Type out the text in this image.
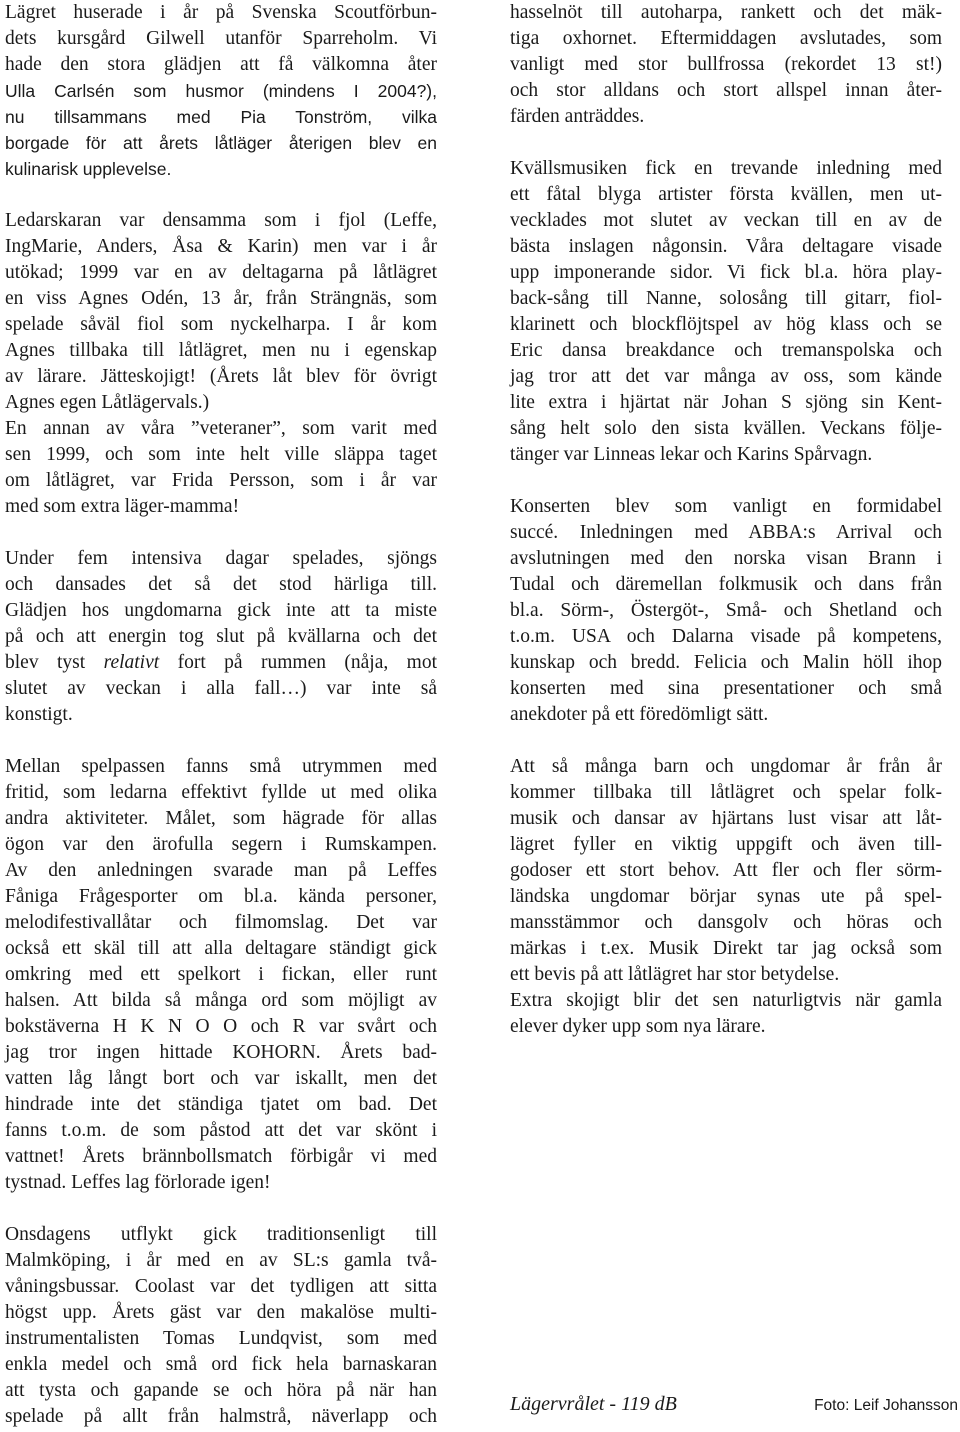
Lägret huserade i år på Svenska Scoutförbun-
dets kursgård Gilwell utanför Sparreholm. Vi
hade den stora glädjen att få välkomna åter
Ulla Carlsén som husmor (mindens I 2004?),
nu tillsammans med Pia Tonström, vilka
borgade för att årets låtläger återigen blev en
kulinarisk upplevelse.
Ledarskaran var densamma som i fjol (Leffe,
IngMarie, Anders, Åsa & Karin) men var i år
utökad; 1999 var en av deltagarna på låtlägret
en viss Agnes Odén, 13 år, från Strängnäs, som
spelade såväl fiol som nyckelharpa. I år kom
Agnes tillbaka till låtlägret, men nu i egenskap
av lärare. Jätteskojigt! (Årets låt blev för övrigt
Agnes egen Låtlägervals.)
En annan av våra ”veteraner”, som varit med
sen 1999, och som inte helt ville släppa taget
om låtlägret, var Frida Persson, som i år var
med som extra läger-mamma!
Under fem intensiva dagar spelades, sjöngs
och dansades det så det stod härliga till.
Glädjen hos ungdomarna gick inte att ta miste
på och att energin tog slut på kvällarna och det
blev tyst relativt fort på rummen (nåja, mot
slutet av veckan i alla fall…) var inte så
konstigt.
Mellan spelpassen fanns små utrymmen med
fritid, som ledarna effektivt fyllde ut med olika
andra aktiviteter. Målet, som hägrade för allas
ögon var den ärofulla segern i Rumskampen.
Av den anledningen svarade man på Leffes
Fåniga Frågesporter om bl.a. kända personer,
melodifestivallåtar och filmomslag. Det var
också ett skäl till att alla deltagare ständigt gick
omkring med ett spelkort i fickan, eller runt
halsen. Att bilda så många ord som möjligt av
bokstäverna H K N O O och R var svårt och
jag tror ingen hittade KOHORN. Årets bad-
vatten låg långt bort och var iskallt, men det
hindrade inte det ständiga tjatet om bad. Det
fanns t.o.m. de som påstod att det var skönt i
vattnet! Årets brännbollsmatch förbigår vi med
tystnad. Leffes lag förlorade igen!
Onsdagens utflykt gick traditionsenligt till
Malmköping, i år med en av SL:s gamla två-
våningsbussar. Coolast var det tydligen att sitta
högst upp. Årets gäst var den makalöse multi-
instrumentalisten Tomas Lundqvist, som med
enkla medel och små ord fick hela barnaskaran
att tysta och gapande se och höra på när han
spelade på allt från halmstrå, näverlapp och
hasselnöt till autoharpa, rankett och det mäk-
tiga oxhornet. Eftermiddagen avslutades, som
vanligt med stor bullfrossa (rekordet 13 st!)
och stor alldans och stort allspel innan åter-
färden anträddes.
Kvällsmusiken fick en trevande inledning med
ett fåtal blyga artister första kvällen, men ut-
vecklades mot slutet av veckan till en av de
bästa inslagen någonsin. Våra deltagare visade
upp imponerande sidor. Vi fick bl.a. höra play-
back-sång till Nanne, solosång till gitarr, fiol-
klarinett och blockflöjtspel av hög klass och se
Eric dansa breakdance och tremanspolska och
jag tror att det var många av oss, som kände
lite extra i hjärtat när Johan S sjöng sin Kent-
sång helt solo den sista kvällen. Veckans följe-
tänger var Linneas lekar och Karins Spårvagn.
Konserten blev som vanligt en formidabel
succé. Inledningen med ABBA:s Arrival och
avslutningen med den norska visan Brann i
Tudal och däremellan folkmusik och dans från
bl.a. Sörm-, Östergöt-, Små- och Shetland och
t.o.m. USA och Dalarna visade på kompetens,
kunskap och bredd. Felicia och Malin höll ihop
konserten med sina presentationer och små
anekdoter på ett föredömligt sätt.
Att så många barn och ungdomar år från år
kommer tillbaka till låtlägret och spelar folk-
musik och dansar av hjärtans lust visar att låt-
lägret fyller en viktig uppgift och även till-
godoser ett stort behov. Att fler och fler sörm-
ländska ungdomar börjar synas ute på spel-
mansstämmor och dansgolv och höras och
märkas i t.ex. Musik Direkt tar jag också som
ett bevis på att låtlägret har stor betydelse.
Extra skojigt blir det sen naturligtvis när gamla
elever dyker upp som nya lärare.
Lägervrålet - 119 dB	Foto: Leif Johansson
